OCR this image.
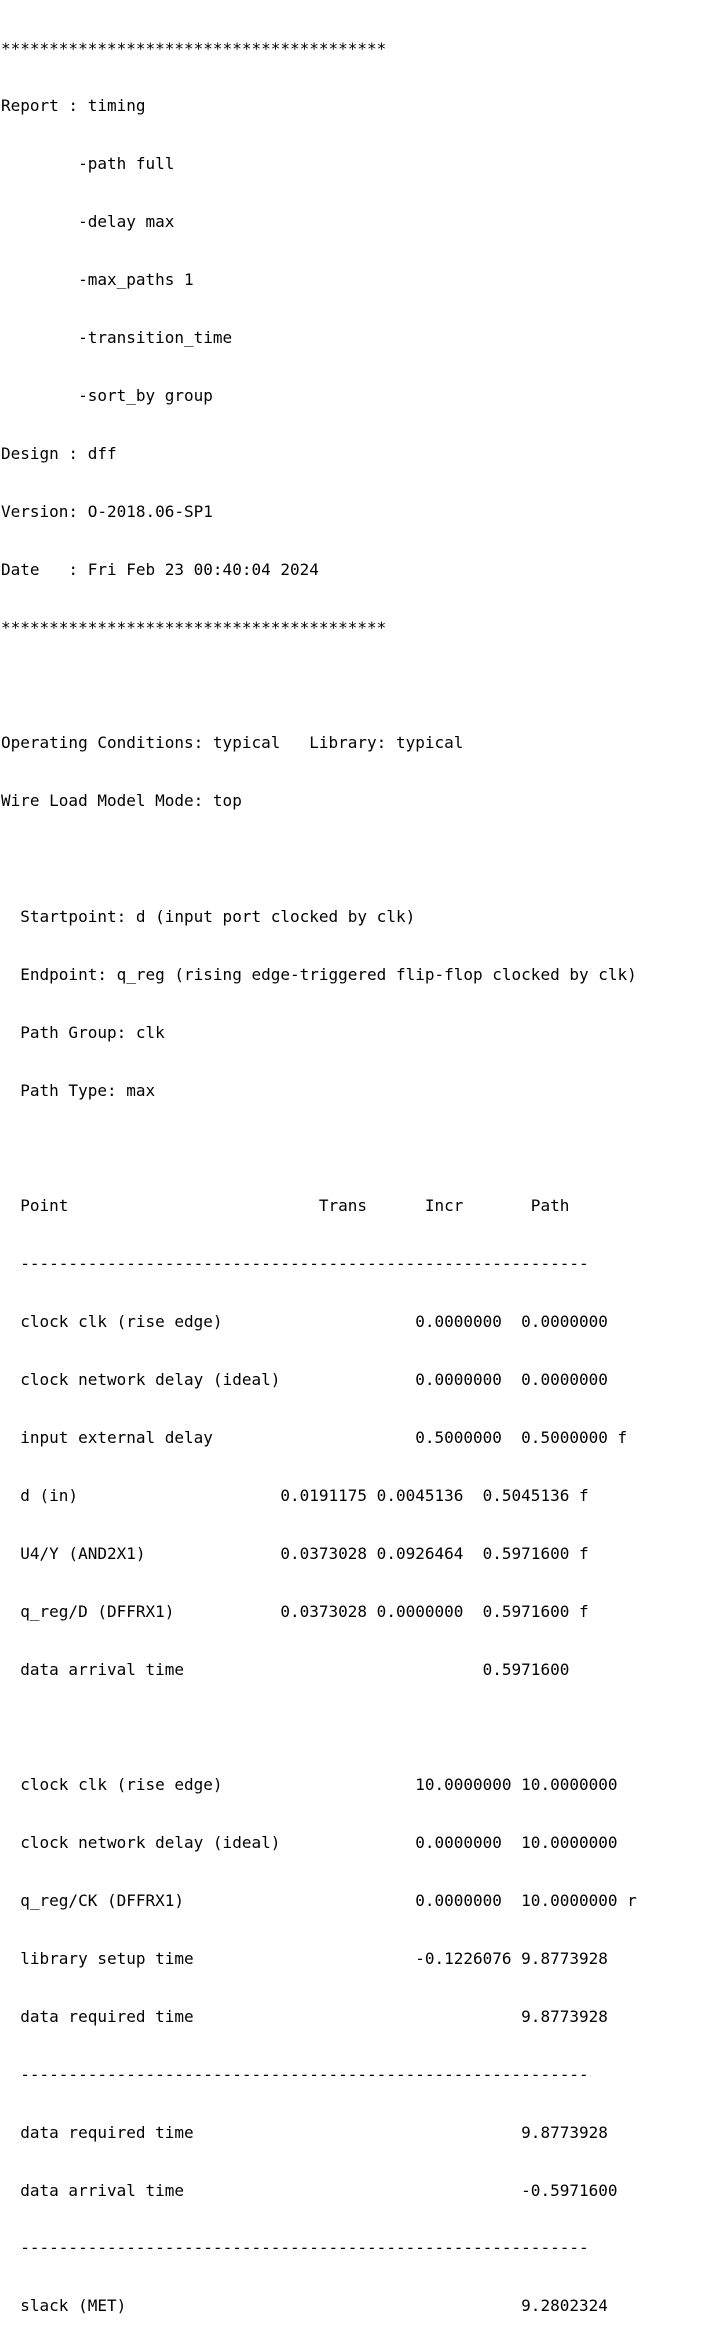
****************************************

Report : timing

-path full

-delay max

-max_paths 1

-transition_time

-sort_by group

Design : dff

Version: O-2018.06-SP1

Date   : Fri Feb 23 00:40:04 2024

****************************************

Operating Conditions: typical   Library: typical

Wire Load Model Mode: top

Startpoint: d (input port clocked by clk)

Endpoint: q_reg (rising edge-triggered flip-flop clocked by clk)

Path Group: clk

Path Type: max

Point                          Trans      Incr       Path

-----------------------------------------------------------

clock clk (rise edge)                    0.0000000  0.0000000

clock network delay (ideal)              0.0000000  0.0000000

input external delay                     0.5000000  0.5000000 f

d (in)                     0.0191175 0.0045136  0.5045136 f

U4/Y (AND2X1)              0.0373028 0.0926464  0.5971600 f

q_reg/D (DFFRX1)           0.0373028 0.0000000  0.5971600 f

data arrival time                               0.5971600

clock clk (rise edge)                    10.0000000 10.0000000

clock network delay (ideal)              0.0000000  10.0000000

q_reg/CK (DFFRX1)                        0.0000000  10.0000000 r

library setup time                       -0.1226076 9.8773928

data required time                                  9.8773928

-----------------------------------------------------------

data required time                                  9.8773928

data arrival time                                   -0.5971600

-----------------------------------------------------------

slack (MET)                                         9.2802324
